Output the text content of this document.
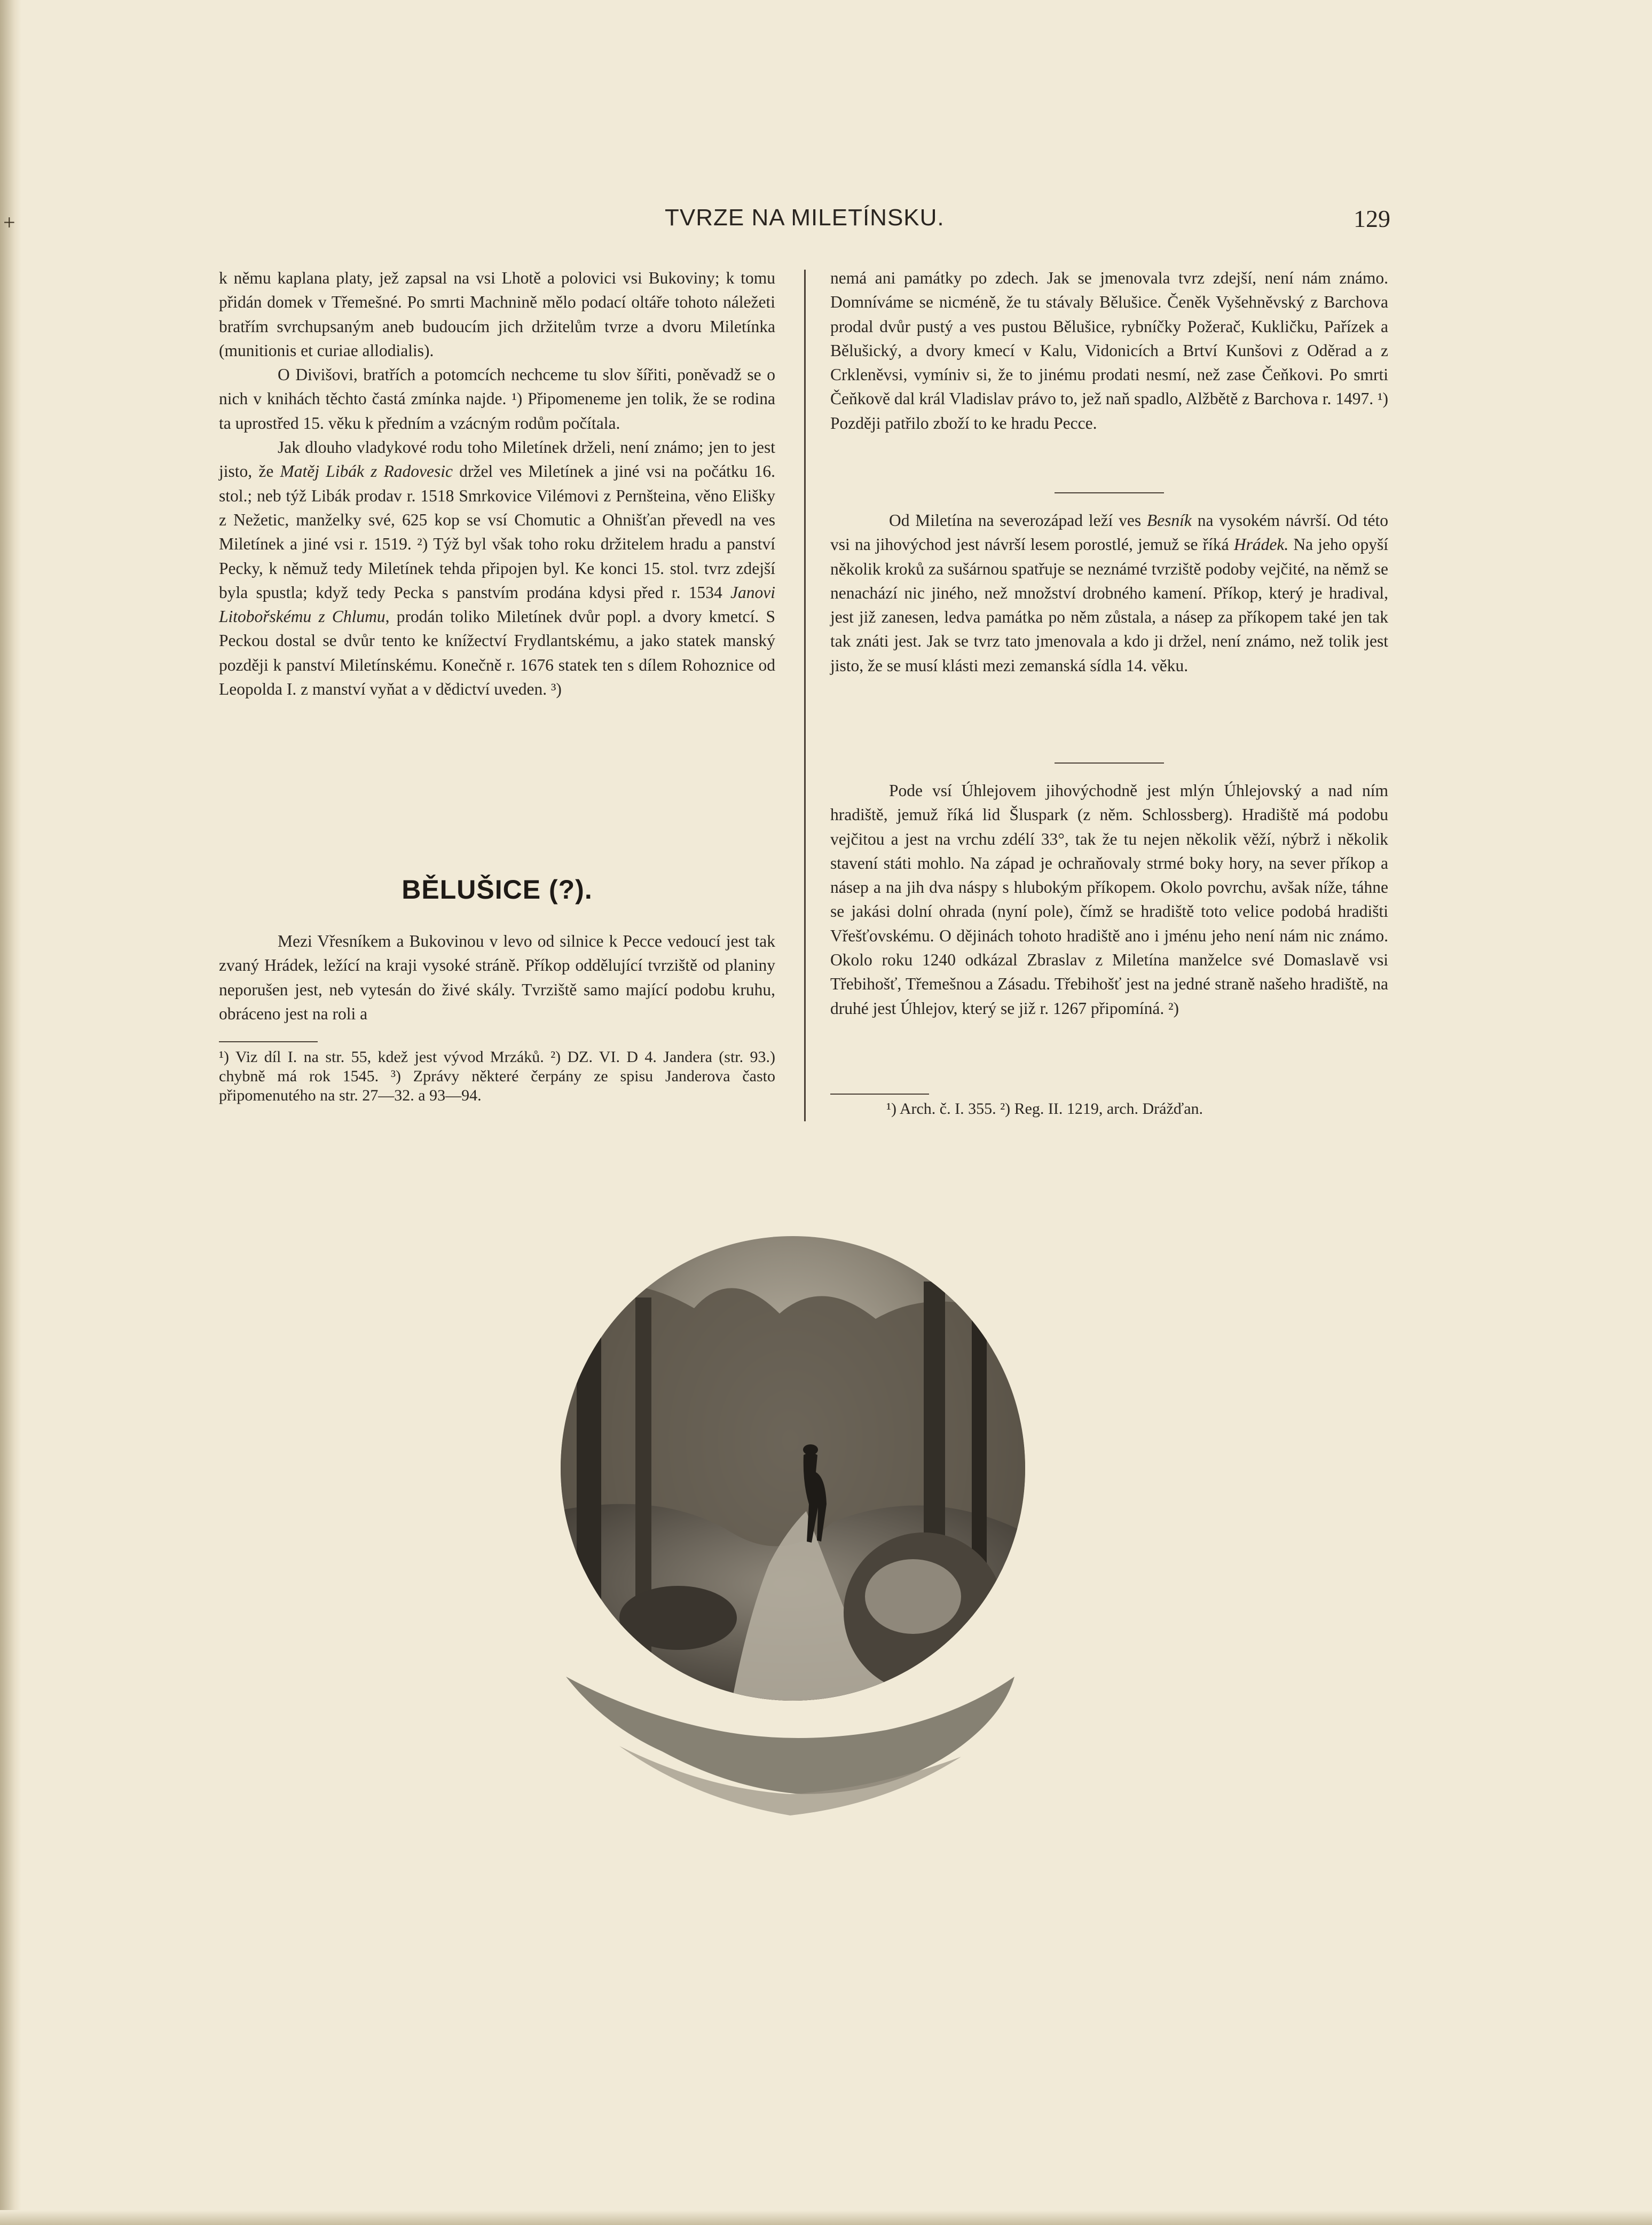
+	TVRZE NA MILETÍNSKU.	129

k němu kaplana platy, jež zapsal na vsi Lhotě a polovici vsi Bukoviny; k tomu přidán domek v Třemešné. Po smrti Machnině mělo podací oltáře tohoto náležeti bratřím svrchupsaným aneb budoucím jich držitelům tvrze a dvoru Miletínka (munitionis et curiae allodialis).

O Divišovi, bratřích a potomcích nechceme tu slov šířiti, poněvadž se o nich v knihách těchto častá zmínka najde. ¹) Připomeneme jen tolik, že se rodina ta uprostřed 15. věku k předním a vzácným rodům počítala.

Jak dlouho vladykové rodu toho Miletínek drželi, není známo; jen to jest jisto, že Matěj Libák z Radovesic držel ves Miletínek a jiné vsi na počátku 16. stol.; neb týž Libák prodav r. 1518 Smrkovice Vilémovi z Pernšteina, věno Elišky z Nežetic, manželky své, 625 kop se vsí Chomutic a Ohnišťan převedl na ves Miletínek a jiné vsi r. 1519. ²) Týž byl však toho roku držitelem hradu a panství Pecky, k němuž tedy Miletínek tehda připojen byl. Ke konci 15. stol. tvrz zdejší byla spustla; když tedy Pecka s panstvím prodána kdysi před r. 1534 Janovi Litobořskému z Chlumu, prodán toliko Miletínek dvůr popl. a dvory kmetcí. S Peckou dostal se dvůr tento ke knížectví Frydlantskému, a jako statek manský později k panství Miletínskému. Konečně r. 1676 statek ten s dílem Rohoznice od Leopolda I. z manství vyňat a v dědictví uveden. ³)

BĚLUŠICE (?).

Mezi Vřesníkem a Bukovinou v levo od silnice k Pecce vedoucí jest tak zvaný Hrádek, ležící na kraji vysoké stráně. Příkop oddělující tvrziště od planiny neporušen jest, neb vytesán do živé skály. Tvrziště samo mající podobu kruhu, obráceno jest na roli a

¹) Viz díl I. na str. 55, kdež jest vývod Mrzáků. ²) DZ. VI. D 4. Jandera (str. 93.) chybně má rok 1545. ³) Zprávy některé čerpány ze spisu Janderova často připomenutého na str. 27—32. a 93—94.

nemá ani památky po zdech. Jak se jmenovala tvrz zdejší, není nám známo. Domníváme se nicméně, že tu stávaly Bělušice. Čeněk Vyšehněvský z Barchova prodal dvůr pustý a ves pustou Bělušice, rybníčky Požerač, Kukličku, Pařízek a Bělušický, a dvory kmecí v Kalu, Vidonicích a Brtví Kunšovi z Oděrad a z Crkleněvsi, vymíniv si, že to jinému prodati nesmí, než zase Čeňkovi. Po smrti Čeňkově dal král Vladislav právo to, jež naň spadlo, Alžbětě z Barchova r. 1497. ¹) Později patřilo zboží to ke hradu Pecce.

Od Miletína na severozápad leží ves Besník na vysokém návrší. Od této vsi na jihovýchod jest návrší lesem porostlé, jemuž se říká Hrádek. Na jeho opyší několik kroků za sušárnou spatřuje se neznámé tvrziště podoby vejčité, na němž se nenachází nic jiného, než množství drobného kamení. Příkop, který je hradival, jest již zanesen, ledva památka po něm zůstala, a násep za příkopem také jen tak tak znáti jest. Jak se tvrz tato jmenovala a kdo ji držel, není známo, než tolik jest jisto, že se musí klásti mezi zemanská sídla 14. věku.

Pode vsí Úhlejovem jihovýchodně jest mlýn Úhlejovský a nad ním hradiště, jemuž říká lid Šluspark (z něm. Schlossberg). Hradiště má podobu vejčitou a jest na vrchu zdélí 33°, tak že tu nejen několik věží, nýbrž i několik stavení státi mohlo. Na západ je ochraňovaly strmé boky hory, na sever příkop a násep a na jih dva náspy s hlubokým příkopem. Okolo povrchu, avšak níže, táhne se jakási dolní ohrada (nyní pole), čímž se hradiště toto velice podobá hradišti Vřešťovskému. O dějinách tohoto hradiště ano i jménu jeho není nám nic známo. Okolo roku 1240 odkázal Zbraslav z Miletína manželce své Domaslavě vsi Třebihošť, Třemešnou a Zásadu. Třebihošť jest na jedné straně našeho hradiště, na druhé jest Úhlejov, který se již r. 1267 připomíná. ²)

¹) Arch. č. I. 355. ²) Reg. II. 1219, arch. Drážďan.
